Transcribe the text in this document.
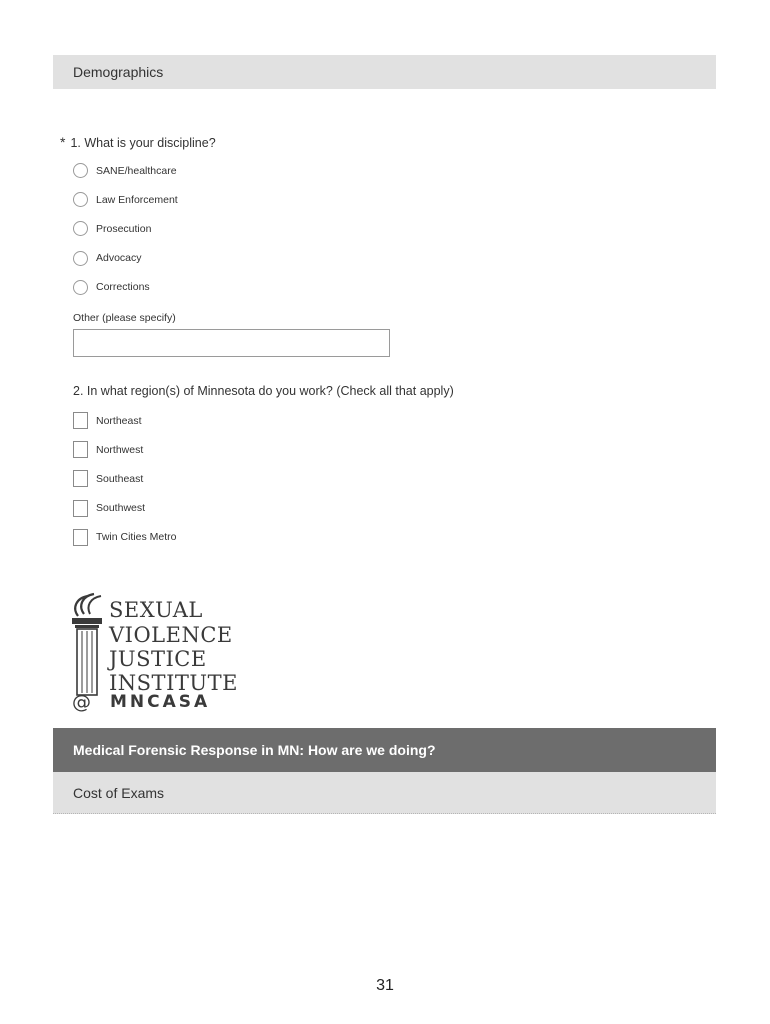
Demographics
* 1. What is your discipline?
SANE/healthcare
Law Enforcement
Prosecution
Advocacy
Corrections
Other (please specify)
2. In what region(s) of Minnesota do you work? (Check all that apply)
Northeast
Northwest
Southeast
Southwest
Twin Cities Metro
@
SEXUAL
VIOLENCE
JUSTICE
INSTITUTE
MNCASA
Medical Forensic Response in MN: How are we doing?
Cost of Exams
31
